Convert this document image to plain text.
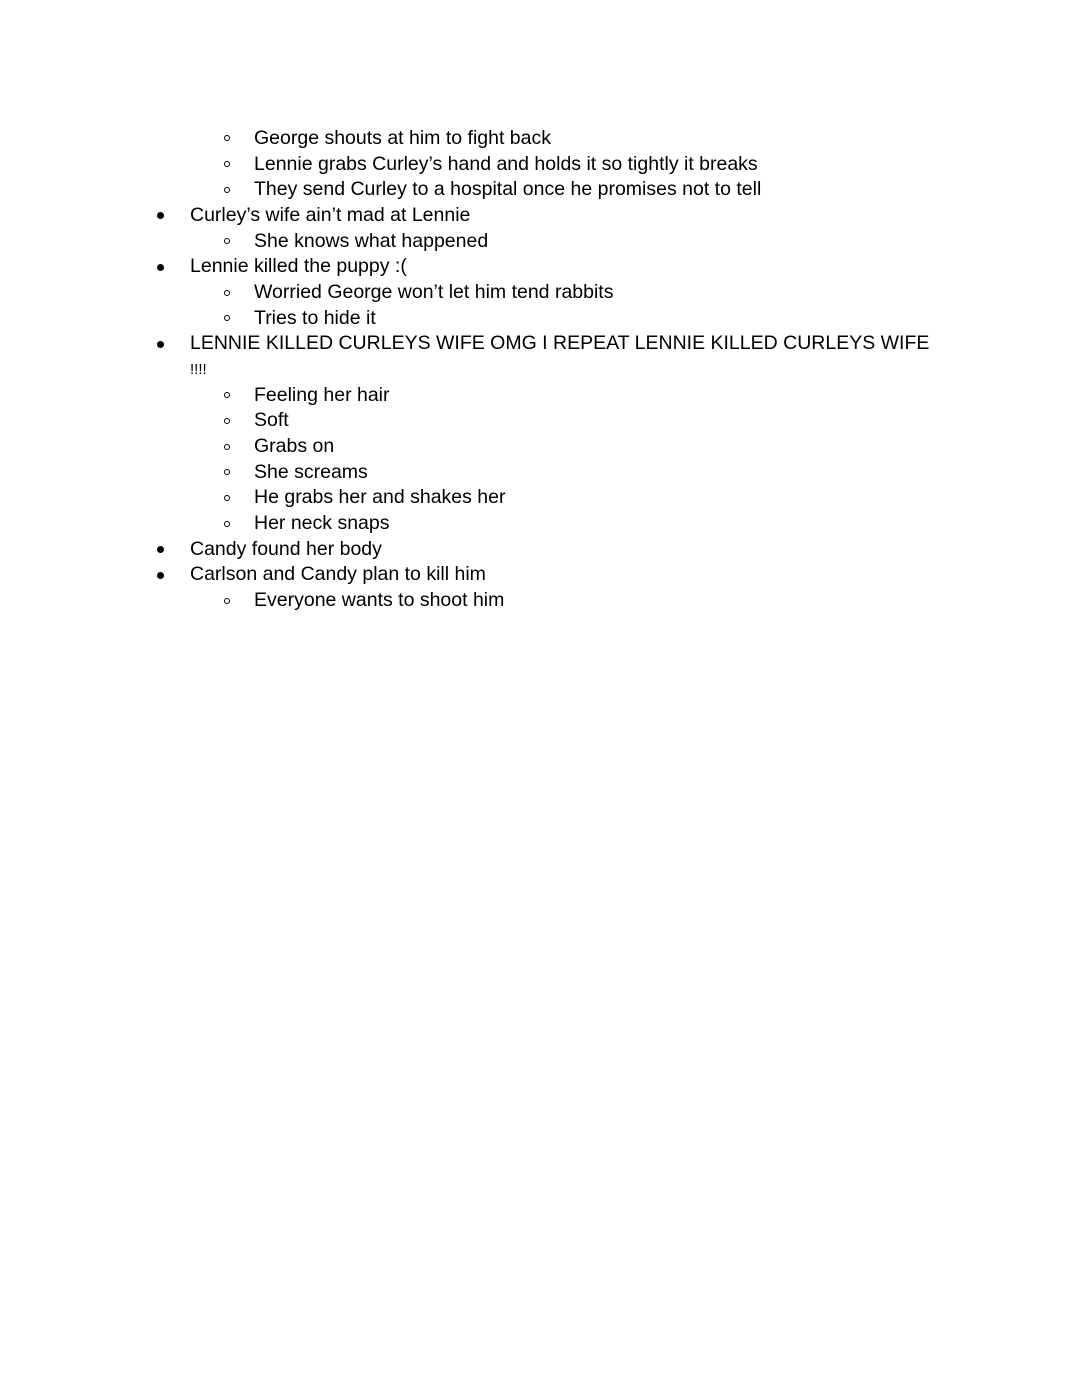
George shouts at him to fight back
Lennie grabs Curley’s hand and holds it so tightly it breaks
They send Curley to a hospital once he promises not to tell
Curley’s wife ain’t mad at Lennie
She knows what happened
Lennie killed the puppy :(
Worried George won’t let him tend rabbits
Tries to hide it
LENNIE KILLED CURLEYS WIFE OMG I REPEAT LENNIE KILLED CURLEYS WIFE
!!!!
Feeling her hair
Soft
Grabs on
She screams
He grabs her and shakes her
Her neck snaps
Candy found her body
Carlson and Candy plan to kill him
Everyone wants to shoot him
